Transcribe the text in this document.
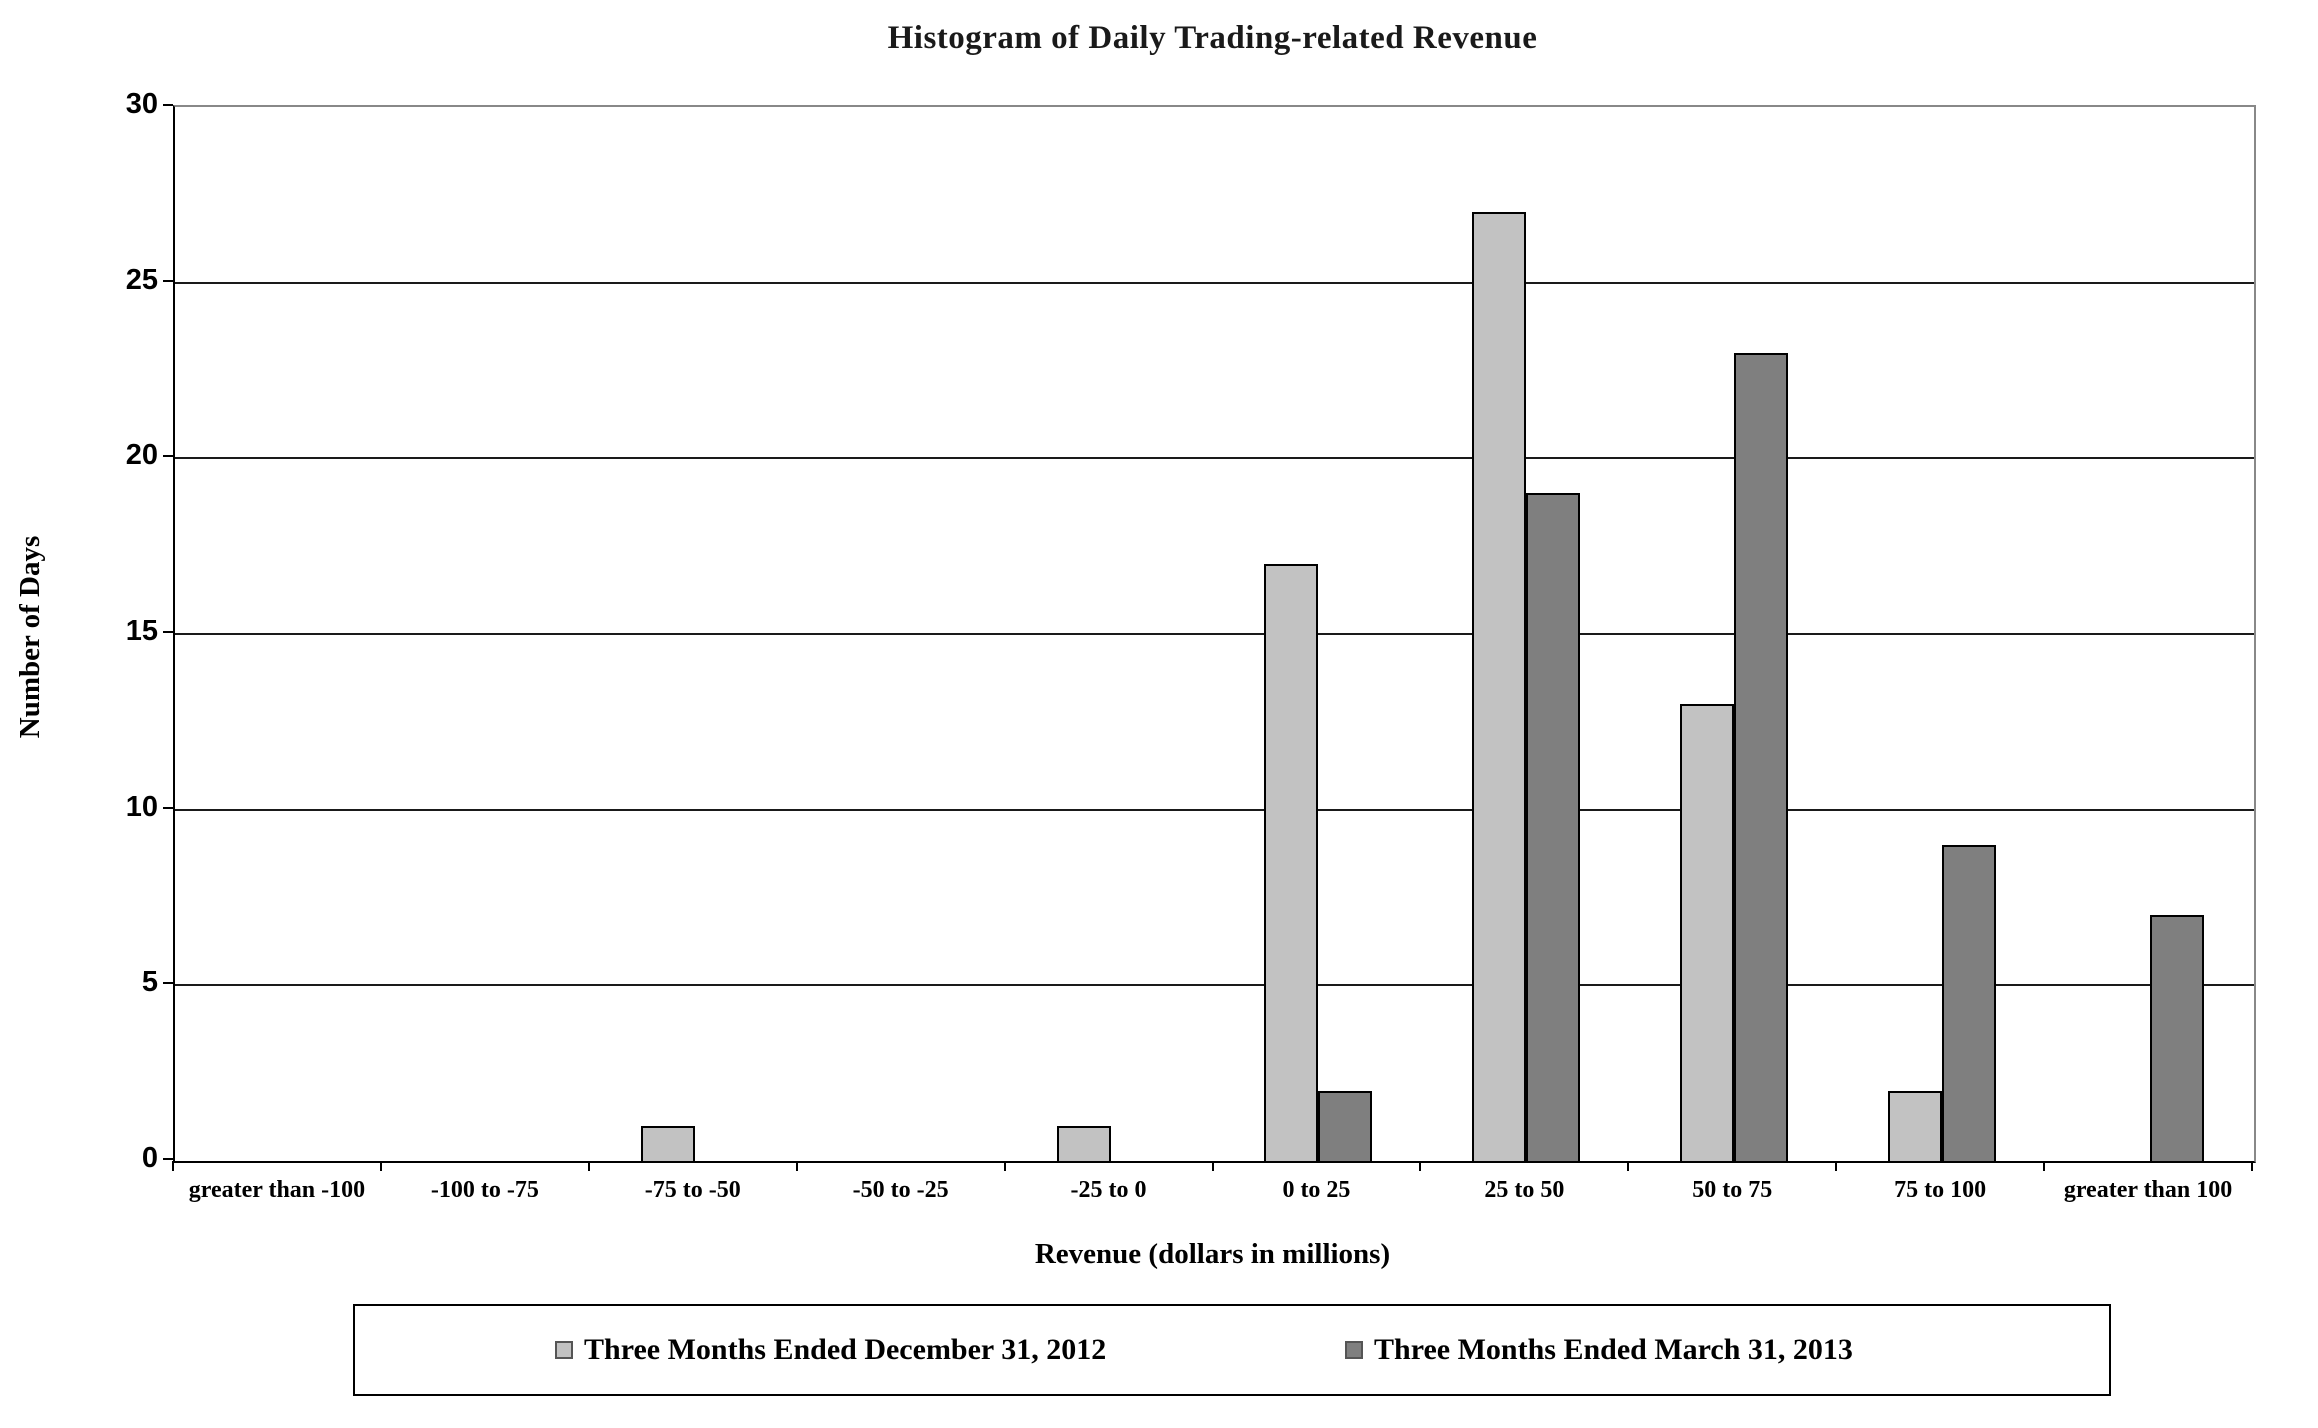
Histogram of Daily Trading-related Revenue
Number of Days
0
5
10
15
20
25
30
greater than -100	-100 to -75	-75 to -50	-50 to -25	-25 to 0	0 to 25	25 to 50	50 to 75	75 to 100	greater than 100
Revenue (dollars in millions)
Three Months Ended December 31, 2012	Three Months Ended March 31, 2013
